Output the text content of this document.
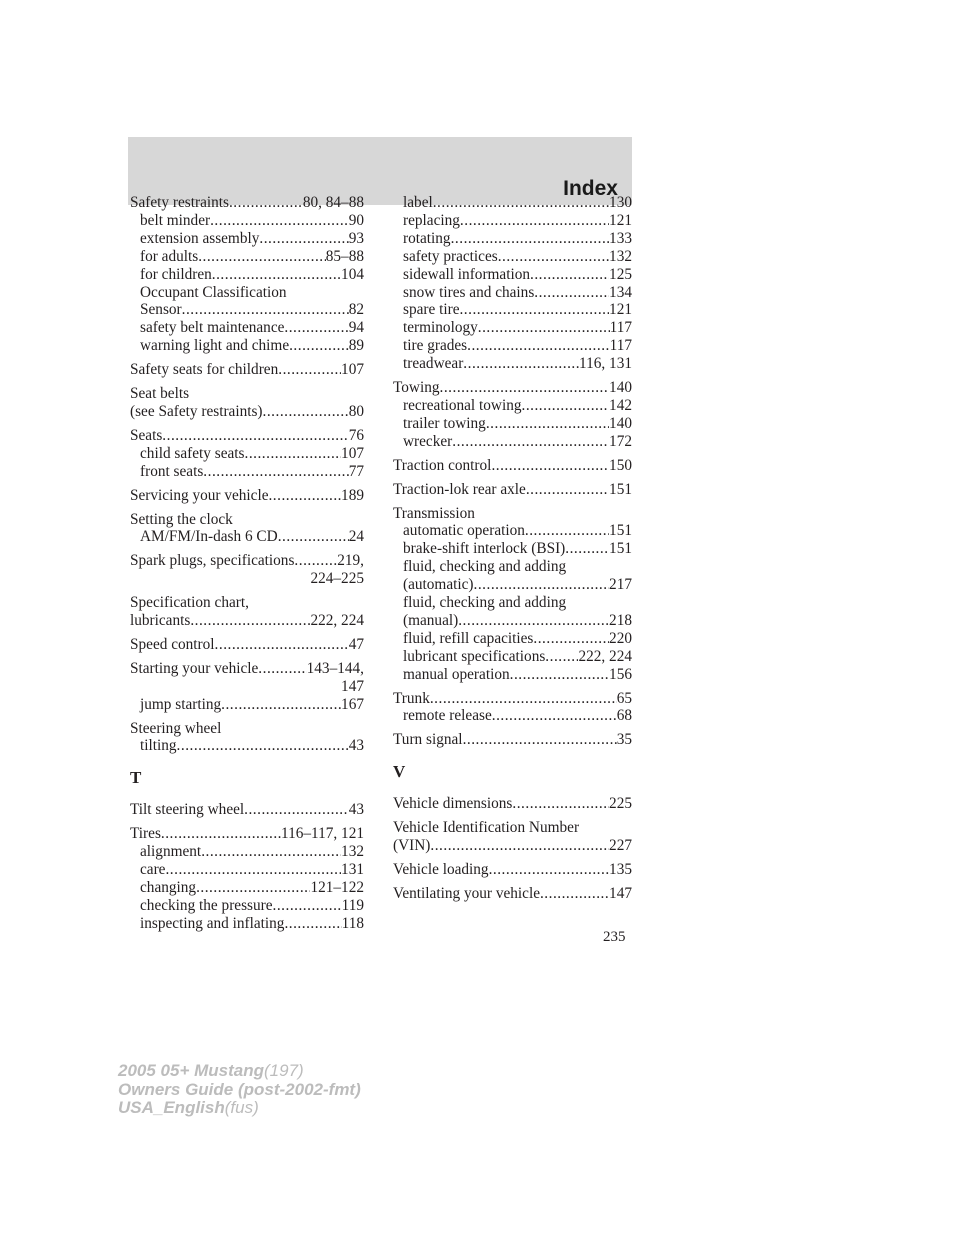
Index
Safety restraints .....	80, 84–88
belt minder .....	90
extension assembly .....	93
for adults .....	85–88
for children .....	104
Occupant Classification
Sensor .....	82
safety belt maintenance .....	94
warning light and chime .....	89
Safety seats for children .....	107
Seat belts
(see Safety restraints) .....	80
Seats .....	76
child safety seats .....	107
front seats .....	77
Servicing your vehicle .....	189
Setting the clock
AM/FM/In-dash 6 CD .....	24
Spark plugs, specifications .....	219,
224–225
Specification chart,
lubricants .....	222, 224
Speed control .....	47
Starting your vehicle .....	143–144,
147
jump starting .....	167
Steering wheel
tilting .....	43
T
Tilt steering wheel .....	43
Tires .....	116–117, 121
alignment .....	132
care .....	131
changing .....	121–122
checking the pressure .....	119
inspecting and inflating .....	118
label .....	130
replacing .....	121
rotating .....	133
safety practices .....	132
sidewall information .....	125
snow tires and chains .....	134
spare tire .....	121
terminology .....	117
tire grades .....	117
treadwear .....	116, 131
Towing .....	140
recreational towing .....	142
trailer towing .....	140
wrecker .....	172
Traction control .....	150
Traction-lok rear axle .....	151
Transmission
automatic operation .....	151
brake-shift interlock (BSI) .....	151
fluid, checking and adding
(automatic) .....	217
fluid, checking and adding
(manual) .....	218
fluid, refill capacities .....	220
lubricant specifications ..... 222, 224
manual operation .....	156
Trunk .....	65
remote release .....	68
Turn signal .....	35
V
Vehicle dimensions .....	225
Vehicle Identification Number
(VIN) .....	227
Vehicle loading .....	135
Ventilating your vehicle .....	147
235
2005 05+ Mustang(197)
Owners Guide (post-2002-fmt)
USA_English(fus)
